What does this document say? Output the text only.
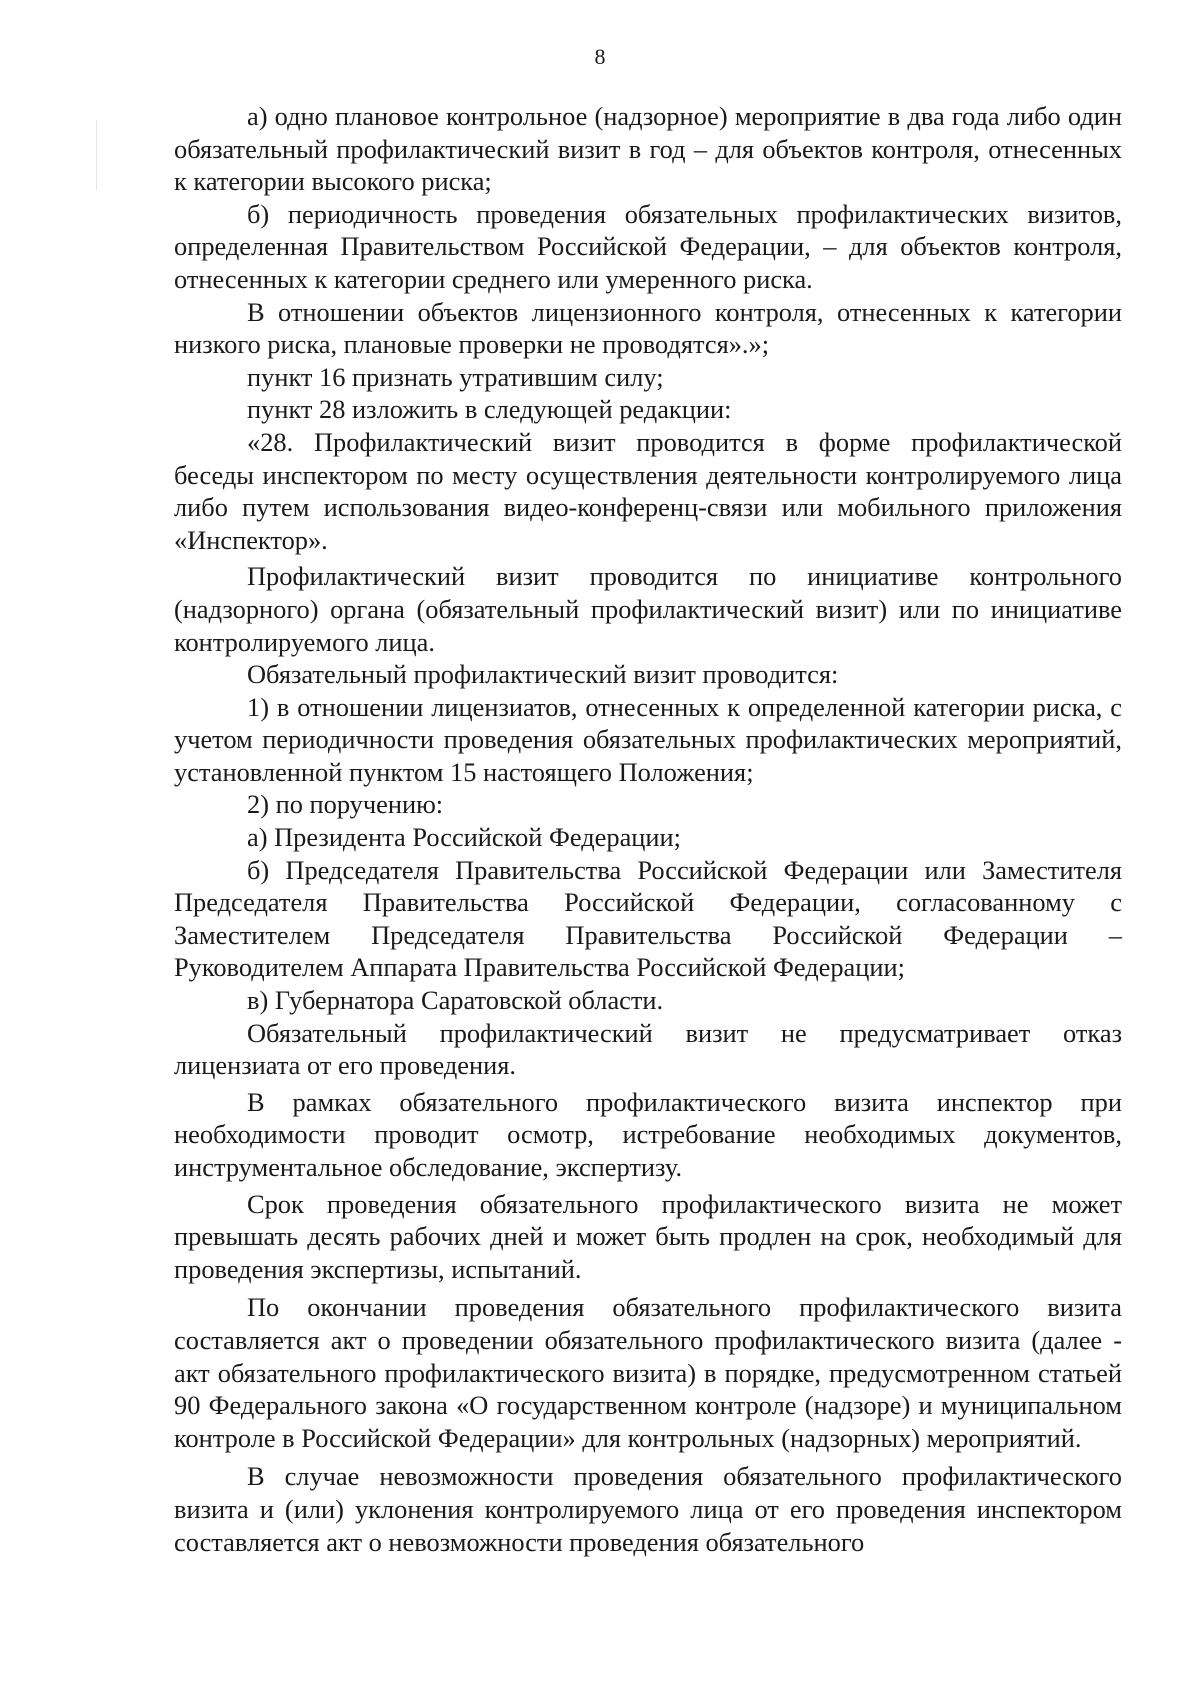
8

а) одно плановое контрольное (надзорное) мероприятие в два года либо один обязательный профилактический визит в год – для объектов контроля, отнесенных к категории высокого риска;

б) периодичность проведения обязательных профилактических визитов, определенная Правительством Российской Федерации, – для объектов контроля, отнесенных к категории среднего или умеренного риска.

В отношении объектов лицензионного контроля, отнесенных к категории низкого риска, плановые проверки не проводятся».»;

пункт 16 признать утратившим силу;

пункт 28 изложить в следующей редакции:

«28. Профилактический визит проводится в форме профилактической беседы инспектором по месту осуществления деятельности контролируемого лица либо путем использования видео-конференц-связи или мобильного приложения «Инспектор».

Профилактический визит проводится по инициативе контрольного (надзорного) органа (обязательный профилактический визит) или по инициативе контролируемого лица.

Обязательный профилактический визит проводится:

1) в отношении лицензиатов, отнесенных к определенной категории риска, с учетом периодичности проведения обязательных профилактических мероприятий, установленной пунктом 15 настоящего Положения;

2) по поручению:

а) Президента Российской Федерации;

б) Председателя Правительства Российской Федерации или Заместителя Председателя Правительства Российской Федерации, согласованному с Заместителем Председателя Правительства Российской Федерации – Руководителем Аппарата Правительства Российской Федерации;

в) Губернатора Саратовской области.

Обязательный профилактический визит не предусматривает отказ лицензиата от его проведения.

В рамках обязательного профилактического визита инспектор при необходимости проводит осмотр, истребование необходимых документов, инструментальное обследование, экспертизу.

Срок проведения обязательного профилактического визита не может превышать десять рабочих дней и может быть продлен на срок, необходимый для проведения экспертизы, испытаний.

По окончании проведения обязательного профилактического визита составляется акт о проведении обязательного профилактического визита (далее - акт обязательного профилактического визита) в порядке, предусмотренном статьей 90 Федерального закона «О государственном контроле (надзоре) и муниципальном контроле в Российской Федерации» для контрольных (надзорных) мероприятий.

В случае невозможности проведения обязательного профилактического визита и (или) уклонения контролируемого лица от его проведения инспектором составляется акт о невозможности проведения обязательного
